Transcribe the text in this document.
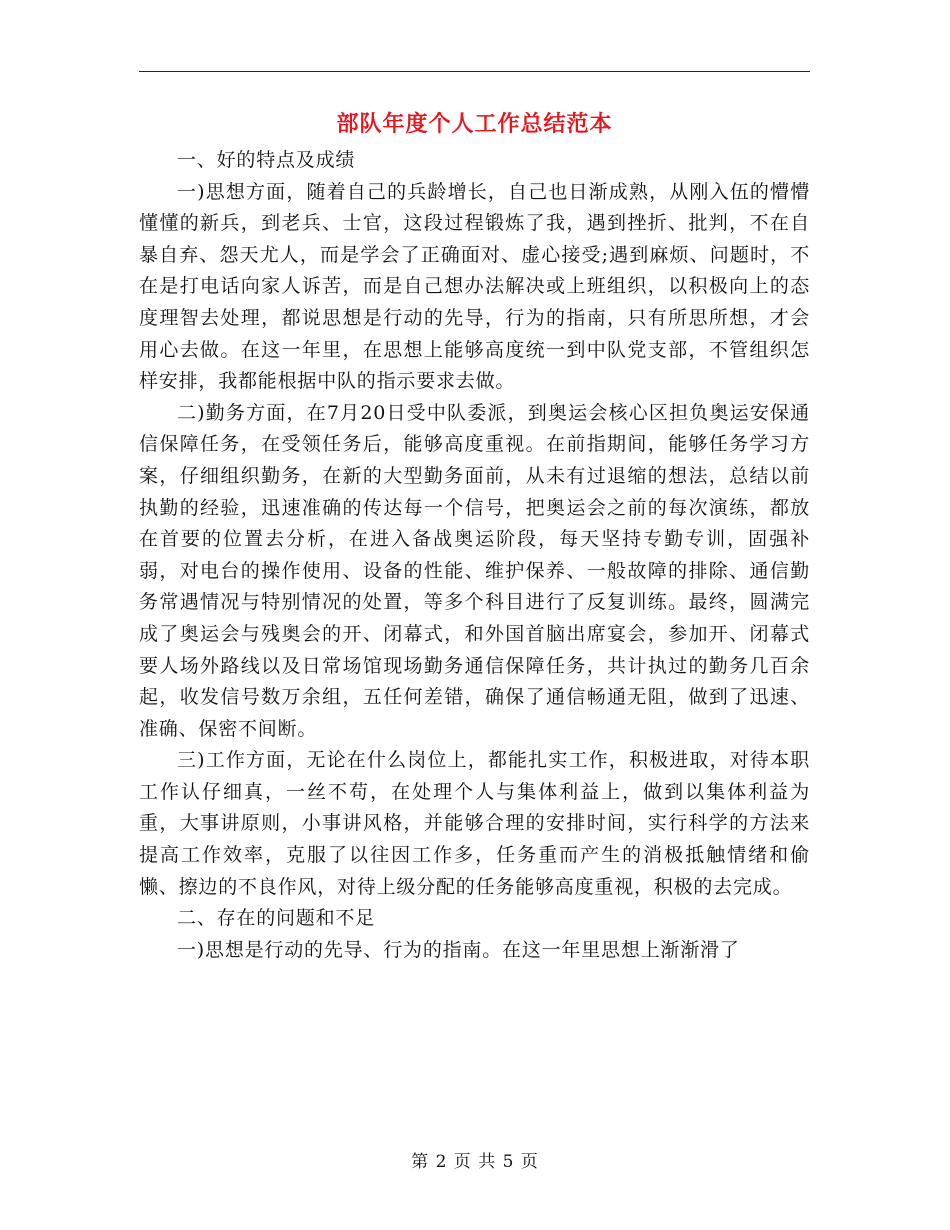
部队年度个人工作总结范本

一、好的特点及成绩

一)思想方面，随着自己的兵龄增长，自己也日渐成熟，从刚入伍的懵懵懂懂的新兵，到老兵、士官，这段过程锻炼了我，遇到挫折、批判，不在自暴自弃、怨天尤人，而是学会了正确面对、虚心接受;遇到麻烦、问题时，不在是打电话向家人诉苦，而是自己想办法解决或上班组织，以积极向上的态度理智去处理，都说思想是行动的先导，行为的指南，只有所思所想，才会用心去做。在这一年里，在思想上能够高度统一到中队党支部，不管组织怎样安排，我都能根据中队的指示要求去做。

二)勤务方面，在7月20日受中队委派，到奥运会核心区担负奥运安保通信保障任务，在受领任务后，能够高度重视。在前指期间，能够任务学习方案，仔细组织勤务，在新的大型勤务面前，从未有过退缩的想法，总结以前执勤的经验，迅速准确的传达每一个信号，把奥运会之前的每次演练，都放在首要的位置去分析，在进入备战奥运阶段，每天坚持专勤专训，固强补弱，对电台的操作使用、设备的性能、维护保养、一般故障的排除、通信勤务常遇情况与特别情况的处置，等多个科目进行了反复训练。最终，圆满完成了奥运会与残奥会的开、闭幕式，和外国首脑出席宴会，参加开、闭幕式要人场外路线以及日常场馆现场勤务通信保障任务，共计执过的勤务几百余起，收发信号数万余组，五任何差错，确保了通信畅通无阻，做到了迅速、准确、保密不间断。

三)工作方面，无论在什么岗位上，都能扎实工作，积极进取，对待本职工作认仔细真，一丝不苟，在处理个人与集体利益上，做到以集体利益为重，大事讲原则，小事讲风格，并能够合理的安排时间，实行科学的方法来提高工作效率，克服了以往因工作多，任务重而产生的消极抵触情绪和偷懒、擦边的不良作风，对待上级分配的任务能够高度重视，积极的去完成。

二、存在的问题和不足

一)思想是行动的先导、行为的指南。在这一年里思想上渐渐滑了

第 2 页 共 5 页
